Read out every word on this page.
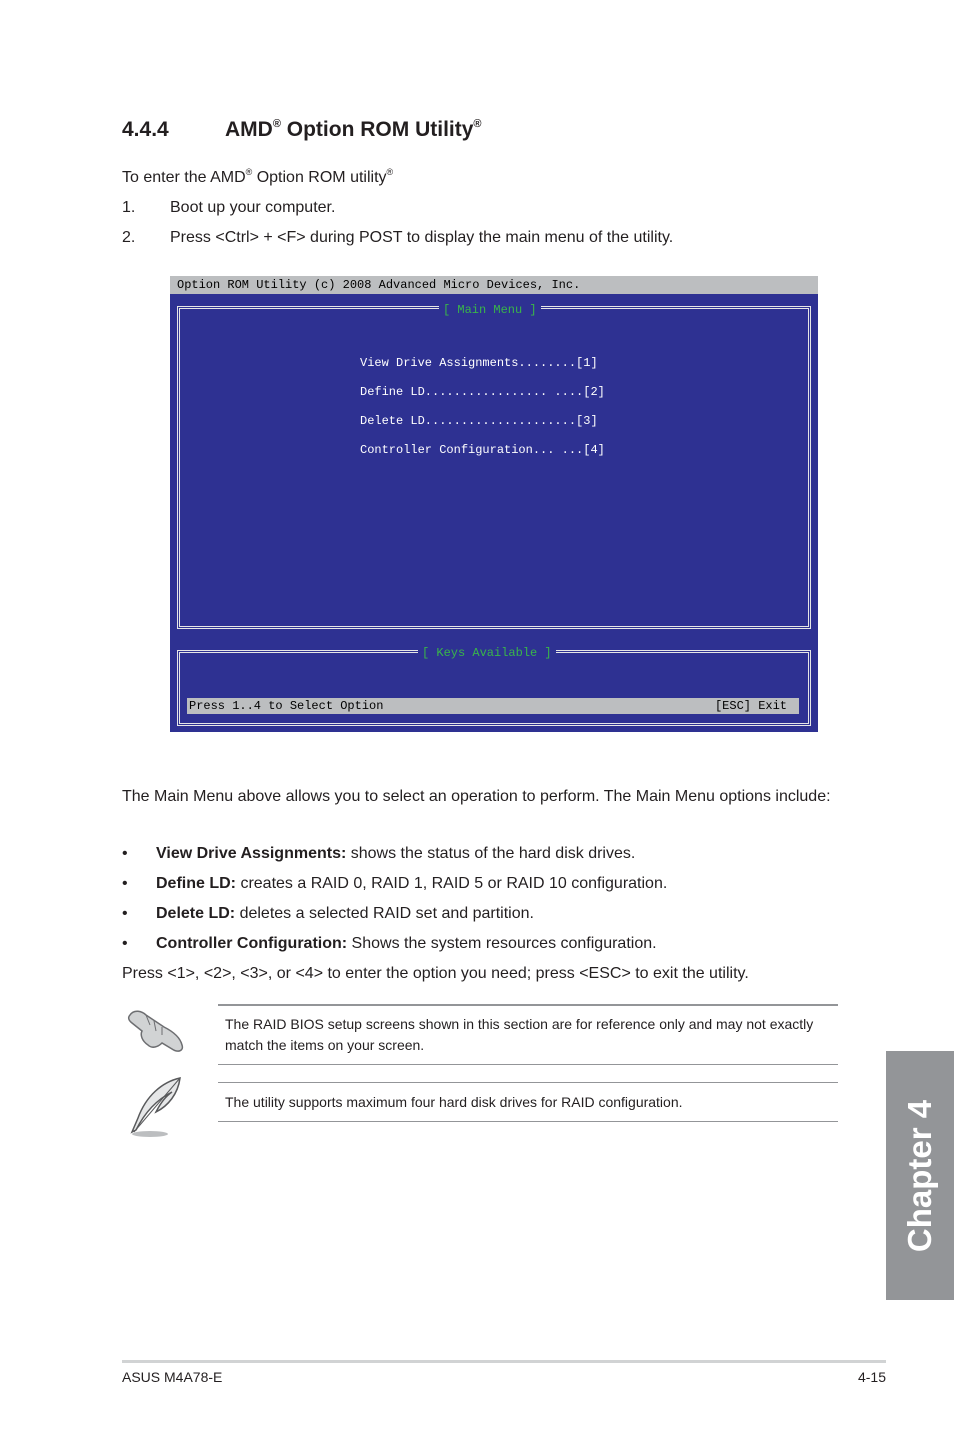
4.4.4	AMD® Option ROM Utility®
To enter the AMD® Option ROM utility®
1. Boot up your computer.
2. Press <Ctrl> + <F> during POST to display the main menu of the utility.
Option ROM Utility (c) 2008 Advanced Micro Devices, Inc.
[ Main Menu ]
View Drive Assignments........[1]
Define LD................. ....[2]
Delete LD.....................[3]
Controller Configuration... ...[4]
[ Keys Available ]
Press 1..4 to Select Option	[ESC] Exit
The Main Menu above allows you to select an operation to perform. The Main Menu options include:
• View Drive Assignments: shows the status of the hard disk drives.
• Define LD: creates a RAID 0, RAID 1, RAID 5 or RAID 10 configuration.
• Delete LD: deletes a selected RAID set and partition.
• Controller Configuration: Shows the system resources configuration.
Press <1>, <2>, <3>, or <4> to enter the option you need; press <ESC> to exit the utility.
The RAID BIOS setup screens shown in this section are for reference only and may not exactly match the items on your screen.
The utility supports maximum four hard disk drives for RAID configuration.	Chapter 4
ASUS M4A78-E	4-15
